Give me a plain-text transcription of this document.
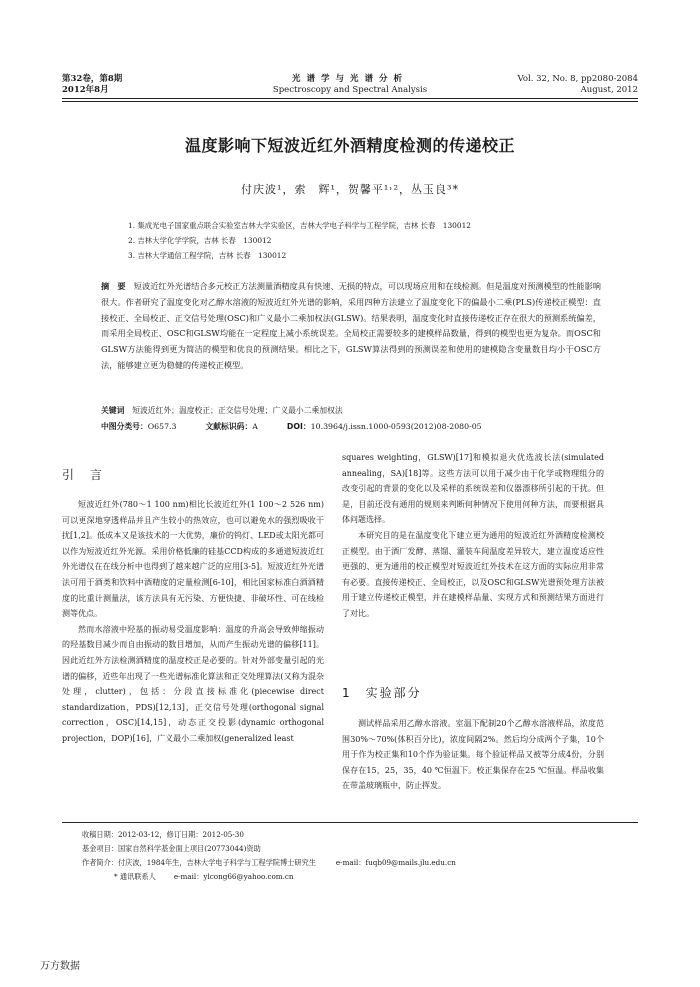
第32卷，第8期
2012年8月
光谱学与光谱分析
Spectroscopy and Spectral Analysis
Vol. 32, No. 8, pp2080-2084
August, 2012
温度影响下短波近红外酒精度检测的传递校正
付庆波¹，索　辉¹，贺馨平¹˒²，丛玉良³*
1. 集成光电子国家重点联合实验室吉林大学实验区，吉林大学电子科学与工程学院，吉林 长春　130012
2. 吉林大学化学学院，吉林 长春　130012
3. 吉林大学通信工程学院，吉林 长春　130012
摘　要　 短波近红外光谱结合多元校正方法测量酒精度具有快速、无损的特点，可以现场应用和在线检测。但是温度对预测模型的性能影响很大。作者研究了温度变化对乙醇水溶液的短波近红外光谱的影响，采用四种方法建立了温度变化下的偏最小二乘(PLS)传递校正模型：直接校正、全局校正、正交信号处理(OSC)和广义最小二乘加权法(GLSW)。结果表明，温度变化时直接传递校正存在很大的预测系统偏差，而采用全局校正、OSC和GLSW均能在一定程度上减小系统误差。全局校正需要较多的建模样品数量，得到的模型也更为复杂。而OSC和GLSW方法能得到更为简洁的模型和优良的预测结果。相比之下，GLSW算法得到的预测误差和使用的建模隐含变量数目均小于OSC方法，能够建立更为稳健的传递校正模型。
关键词　 短波近红外；温度校正；正交信号处理；广义最小二乘加权法
中图分类号：O657.3	文献标识码：A	DOI：10.3964/j.issn.1000-0593(2012)08-2080-05
引　言

短波近红外(780～1 100 nm)相比长波近红外(1 100～2 526 nm)可以更深地穿透样品并且产生较小的热效应，也可以避免水的强烈吸收干扰[1,2]。低成本又是该技术的一大优势，廉价的钨灯、LED或太阳光都可以作为短波近红外光源。采用价格低廉的硅基CCD构成的多通道短波近红外光谱仪在在线分析中也得到了越来越广泛的应用[3-5]。短波近红外光谱法可用于酒类和饮料中酒精度的定量检测[6-10]，相比国家标准白酒酒精度的比重计测量法，该方法具有无污染、方便快捷、非破坏性、可在线检测等优点。

然而水溶液中羟基的振动易受温度影响：温度的升高会导致伸缩振动的羟基数目减少而自由振动的数目增加，从而产生振动光谱的偏移[11]。因此近红外方法检测酒精度的温度校正是必要的。针对外部变量引起的光谱的偏移，近些年出现了一些光谱标准化算法和正交处理算法(又称为混杂处理，clutter)，包括：分段直接标准化(piecewise direct standardization，PDS)[12,13]，正交信号处理(orthogonal signal correction，OSC)[14,15]，动态正交投影(dynamic orthogonal projection，DOP)[16]，广义最小二乘加权(generalized least

squares weighting，GLSW)[17]和模拟退火优选波长法(simulated annealing，SA)[18]等。这些方法可以用于减少由于化学或物理组分的改变引起的背景的变化以及采样的系统误差和仪器漂移所引起的干扰。但是，目前还没有通用的规则来判断何种情况下使用何种方法，而要根据具体问题选择。

本研究目的是在温度变化下建立更为通用的短波近红外酒精度检测校正模型。由于酒厂发酵、蒸馏、灌装车间温度差异较大，建立温度适应性更强的、更为通用的校正模型对短波近红外技术在这方面的实际应用非常有必要。直接传递校正、全局校正，以及OSC和GLSW光谱预处理方法被用于建立传递校正模型，并在建模样品量、实现方式和预测结果方面进行了对比。

1　实验部分

测试样品采用乙醇水溶液。室温下配制20个乙醇水溶液样品，浓度范围30%～70%(体积百分比)，浓度间隔2%。然后均分成两个子集，10个用于作为校正集和10个作为验证集。每个验证样品又被等分成4份，分别保存在15，25，35，40 ℃恒温下。校正集保存在25 ℃恒温。样品收集在带盖玻璃瓶中，防止挥发。

收稿日期：2012-03-12，修订日期：2012-05-30
基金项目：国家自然科学基金面上项目(20773044)资助
作者简介：付庆波，1984年生，吉林大学电子科学与工程学院博士研究生	e-mail：fuqb09@mails.jlu.edu.cn
* 通讯联系人	e-mail：ylcong66@yahoo.com.cn
万方数据
